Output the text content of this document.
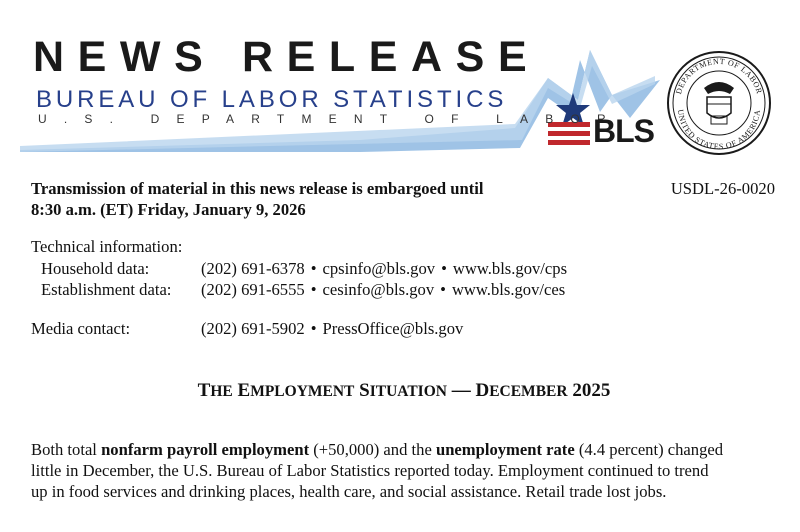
DEPARTMENT OF LABOR
UNITED STATES OF AMERICA
NEWS RELEASE
BUREAU OF LABOR STATISTICS
U.S. DEPARTMENT OF LABOR
BLS
Transmission of material in this news release is embargoed until
8:30 a.m. (ET) Friday, January 9, 2026
USDL-26-0020
Technical information:
Household data:	(202) 691-6378 • cpsinfo@bls.gov • www.bls.gov/cps
Establishment data: (202) 691-6555 • cesinfo@bls.gov • www.bls.gov/ces
Media contact:	(202) 691-5902 • PressOffice@bls.gov
THE EMPLOYMENT SITUATION — DECEMBER 2025

Both total nonfarm payroll employment (+50,000) and the unemployment rate (4.4 percent) changed
little in December, the U.S. Bureau of Labor Statistics reported today. Employment continued to trend
up in food services and drinking places, health care, and social assistance. Retail trade lost jobs.
